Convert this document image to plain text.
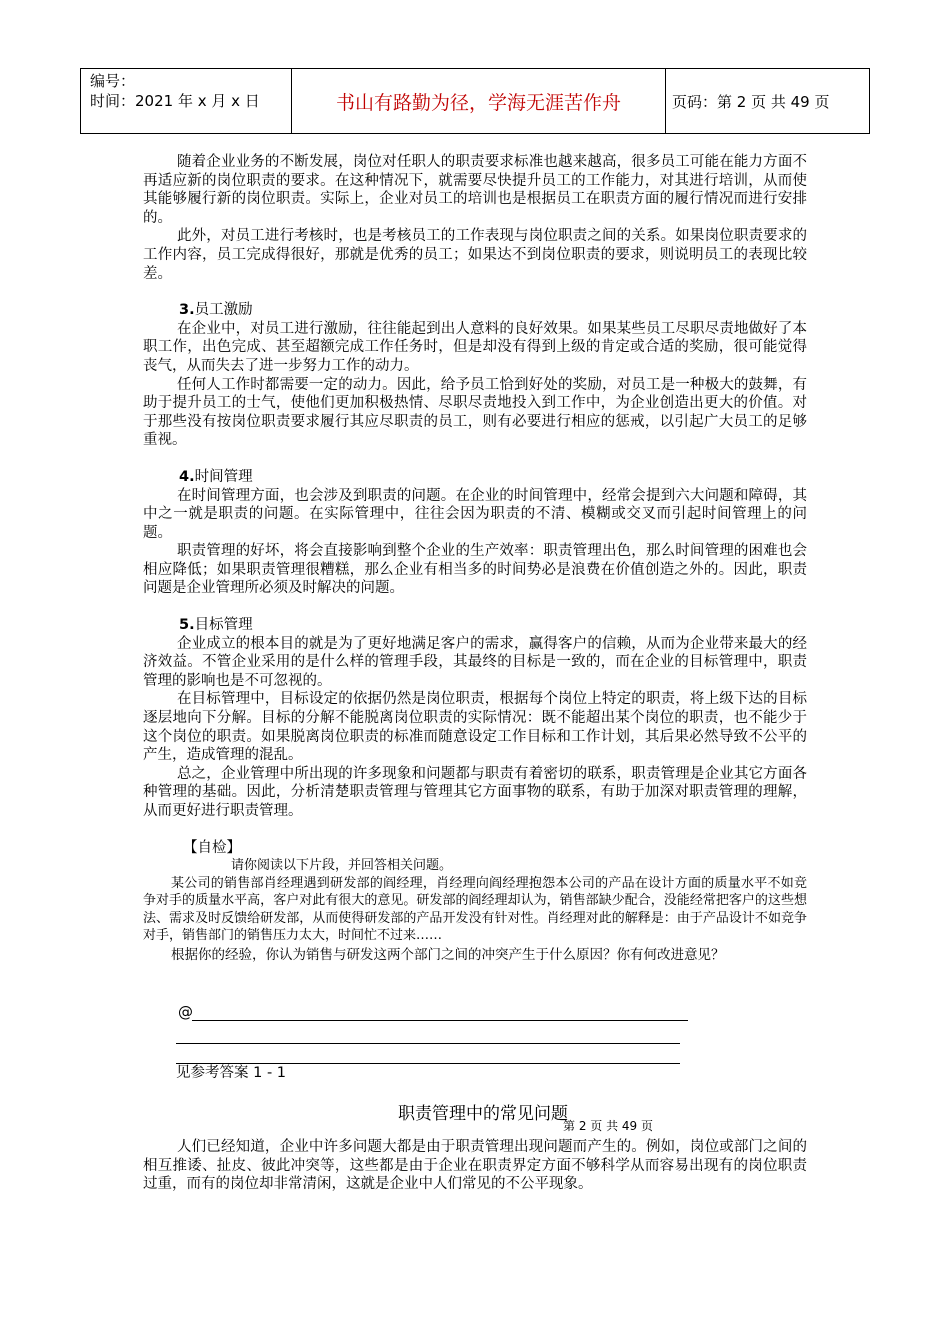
编号：
时间：2021 年 x 月 x 日	书山有路勤为径，学海无涯苦作舟	页码：第 2 页 共 49 页

随着企业业务的不断发展，岗位对任职人的职责要求标准也越来越高，很多员工可能在能力方面不再适应新的岗位职责的要求。在这种情况下，就需要尽快提升员工的工作能力，对其进行培训，从而使其能够履行新的岗位职责。实际上，企业对员工的培训也是根据员工在职责方面的履行情况而进行安排的。

此外，对员工进行考核时，也是考核员工的工作表现与岗位职责之间的关系。如果岗位职责要求的工作内容，员工完成得很好，那就是优秀的员工；如果达不到岗位职责的要求，则说明员工的表现比较差。

3.员工激励

在企业中，对员工进行激励，往往能起到出人意料的良好效果。如果某些员工尽职尽责地做好了本职工作，出色完成、甚至超额完成工作任务时，但是却没有得到上级的肯定或合适的奖励，很可能觉得丧气，从而失去了进一步努力工作的动力。

任何人工作时都需要一定的动力。因此，给予员工恰到好处的奖励，对员工是一种极大的鼓舞，有助于提升员工的士气，使他们更加积极热情、尽职尽责地投入到工作中，为企业创造出更大的价值。对于那些没有按岗位职责要求履行其应尽职责的员工，则有必要进行相应的惩戒，以引起广大员工的足够重视。

4.时间管理

在时间管理方面，也会涉及到职责的问题。在企业的时间管理中，经常会提到六大问题和障碍，其中之一就是职责的问题。在实际管理中，往往会因为职责的不清、模糊或交叉而引起时间管理上的问题。

职责管理的好坏，将会直接影响到整个企业的生产效率：职责管理出色，那么时间管理的困难也会相应降低；如果职责管理很糟糕，那么企业有相当多的时间势必是浪费在价值创造之外的。因此，职责问题是企业管理所必须及时解决的问题。

5.目标管理

企业成立的根本目的就是为了更好地满足客户的需求，赢得客户的信赖，从而为企业带来最大的经济效益。不管企业采用的是什么样的管理手段，其最终的目标是一致的，而在企业的目标管理中，职责管理的影响也是不可忽视的。

在目标管理中，目标设定的依据仍然是岗位职责，根据每个岗位上特定的职责，将上级下达的目标逐层地向下分解。目标的分解不能脱离岗位职责的实际情况：既不能超出某个岗位的职责，也不能少于这个岗位的职责。如果脱离岗位职责的标准而随意设定工作目标和工作计划，其后果必然导致不公平的产生，造成管理的混乱。

总之，企业管理中所出现的许多现象和问题都与职责有着密切的联系，职责管理是企业其它方面各种管理的基础。因此，分析清楚职责管理与管理其它方面事物的联系，有助于加深对职责管理的理解，从而更好进行职责管理。

【自检】

请你阅读以下片段，并回答相关问题。

某公司的销售部肖经理遇到研发部的阎经理，肖经理向阎经理抱怨本公司的产品在设计方面的质量水平不如竞争对手的质量水平高，客户对此有很大的意见。研发部的阎经理却认为，销售部缺少配合，没能经常把客户的这些想法、需求及时反馈给研发部，从而使得研发部的产品开发没有针对性。肖经理对此的解释是：由于产品设计不如竞争对手，销售部门的销售压力太大，时间忙不过来……

根据你的经验，你认为销售与研发这两个部门之间的冲突产生于什么原因？你有何改进意见？

@
见参考答案 1 - 1
职责管理中的常见问题
第 2 页 共 49 页
人们已经知道，企业中许多问题大都是由于职责管理出现问题而产生的。例如，岗位或部门之间的相互推诿、扯皮、彼此冲突等，这些都是由于企业在职责界定方面不够科学从而容易出现有的岗位职责过重，而有的岗位却非常清闲，这就是企业中人们常见的不公平现象。
